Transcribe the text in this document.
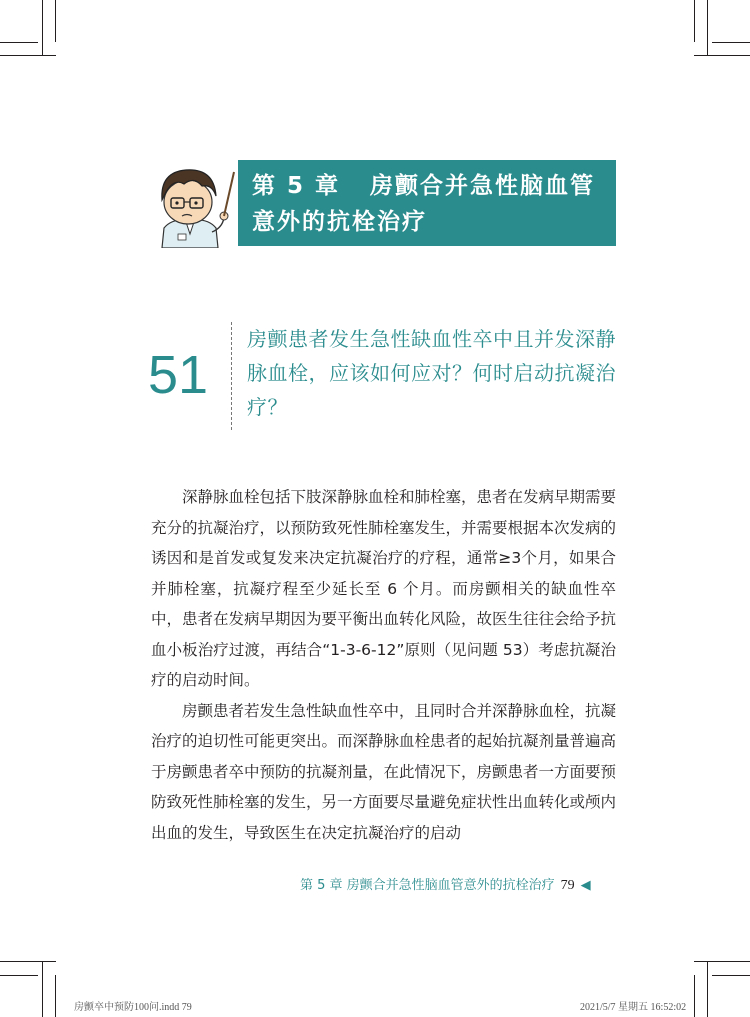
第 5 章   房颤合并急性脑血管

意外的抗栓治疗

51
房颤患者发生急性缺血性卒中且并发深静脉血栓，应该如何应对？何时启动抗凝治疗？

深静脉血栓包括下肢深静脉血栓和肺栓塞，患者在发病早期需要充分的抗凝治疗，以预防致死性肺栓塞发生，并需要根据本次发病的诱因和是首发或复发来决定抗凝治疗的疗程，通常≥3个月，如果合并肺栓塞，抗凝疗程至少延长至 6 个月。而房颤相关的缺血性卒中，患者在发病早期因为要平衡出血转化风险，故医生往往会给予抗血小板治疗过渡，再结合“1-3-6-12”原则（见问题 53）考虑抗凝治疗的启动时间。

房颤患者若发生急性缺血性卒中，且同时合并深静脉血栓，抗凝治疗的迫切性可能更突出。而深静脉血栓患者的起始抗凝剂量普遍高于房颤患者卒中预防的抗凝剂量，在此情况下，房颤患者一方面要预防致死性肺栓塞的发生，另一方面要尽量避免症状性出血转化或颅内出血的发生，导致医生在决定抗凝治疗的启动

第 5 章 房颤合并急性脑血管意外的抗栓治疗 79 ◀
房颤卒中预防100问.indd 79	2021/5/7 星期五 16:52:02
